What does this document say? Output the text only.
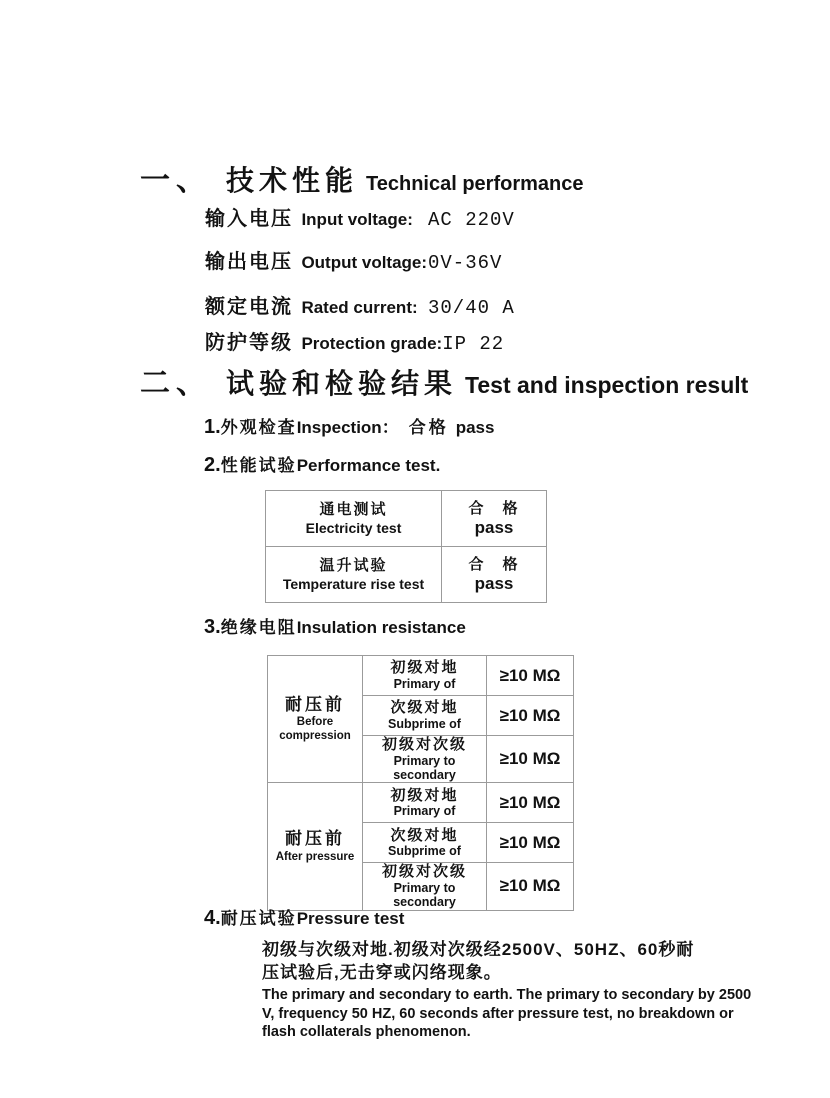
一、 技术性能 Technical performance
输入电压 Input voltage: AC 220V
输出电压 Output voltage: 0V-36V
额定电流 Rated current: 30/40 A
防护等级 Protection grade: IP 22
二、 试验和检验结果 Test and inspection result
1. 外观检查 Inspection： 合格 pass
2. 性能试验 Performance test.
通电测试
Electricity test	合　格
pass

温升试验
Temperature rise test	合　格
pass
3. 绝缘电阻 Insulation resistance
耐压前
Before compression	初级对地
Primary of	≥10 MΩ

	次级对地
Subprime of	≥10 MΩ

	初级对次级
Primary to secondary	≥10 MΩ

耐压前
After pressure	初级对地
Primary of	≥10 MΩ

	次级对地
Subprime of	≥10 MΩ

	初级对次级
Primary to secondary	≥10 MΩ
4. 耐压试验 Pressure test
初级与次级对地.初级对次级经2500V、50HZ、60秒耐压试验后,无击穿或闪络现象。
The primary and secondary to earth. The primary to secondary by 2500 V, frequency 50 HZ, 60 seconds after pressure test, no breakdown or flash collaterals phenomenon.
